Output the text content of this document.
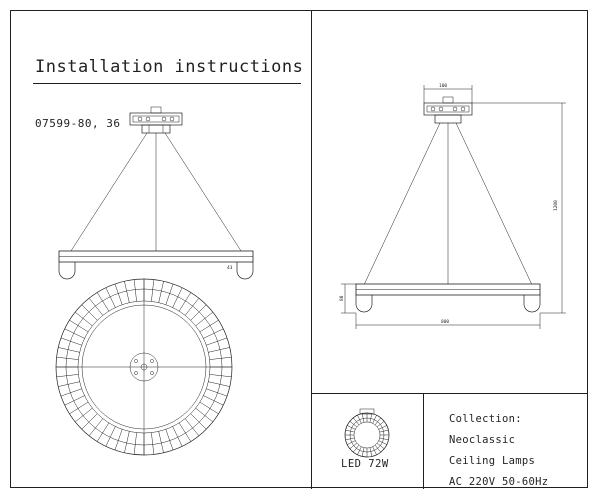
Installation instructions
07599-80, 36
43
100
1200
80
800
LED 72W
Collection: Neoclassic
Ceiling Lamps
AC 220V 50-60Hz
